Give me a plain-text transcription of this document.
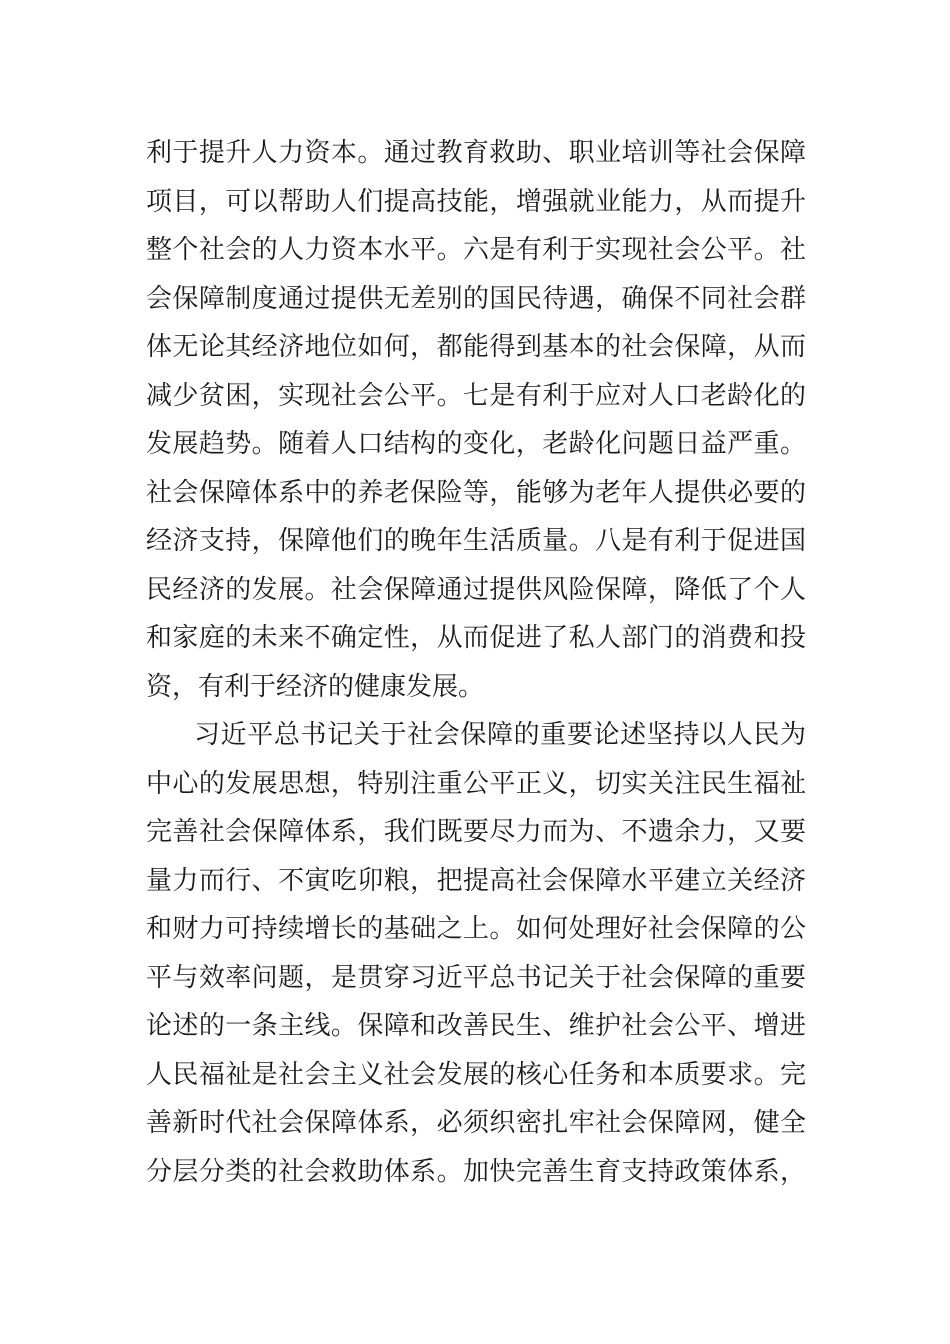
利于提升人力资本。通过教育救助、职业培训等社会保障
项目，可以帮助人们提高技能，增强就业能力，从而提升
整个社会的人力资本水平。六是有利于实现社会公平。社
会保障制度通过提供无差别的国民待遇，确保不同社会群
体无论其经济地位如何，都能得到基本的社会保障，从而
减少贫困，实现社会公平。七是有利于应对人口老龄化的
发展趋势。随着人口结构的变化，老龄化问题日益严重。
社会保障体系中的养老保险等，能够为老年人提供必要的
经济支持，保障他们的晚年生活质量。八是有利于促进国
民经济的发展。社会保障通过提供风险保障，降低了个人
和家庭的未来不确定性，从而促进了私人部门的消费和投
资，有利于经济的健康发展。
习近平总书记关于社会保障的重要论述坚持以人民为
中心的发展思想，特别注重公平正义，切实关注民生福祉
完善社会保障体系，我们既要尽力而为、不遗余力，又要
量力而行、不寅吃卯粮，把提高社会保障水平建立关经济
和财力可持续增长的基础之上。如何处理好社会保障的公
平与效率问题，是贯穿习近平总书记关于社会保障的重要
论述的一条主线。保障和改善民生、维护社会公平、增进
人民福祉是社会主义社会发展的核心任务和本质要求。完
善新时代社会保障体系，必须织密扎牢社会保障网，健全
分层分类的社会救助体系。加快完善生育支持政策体系，
